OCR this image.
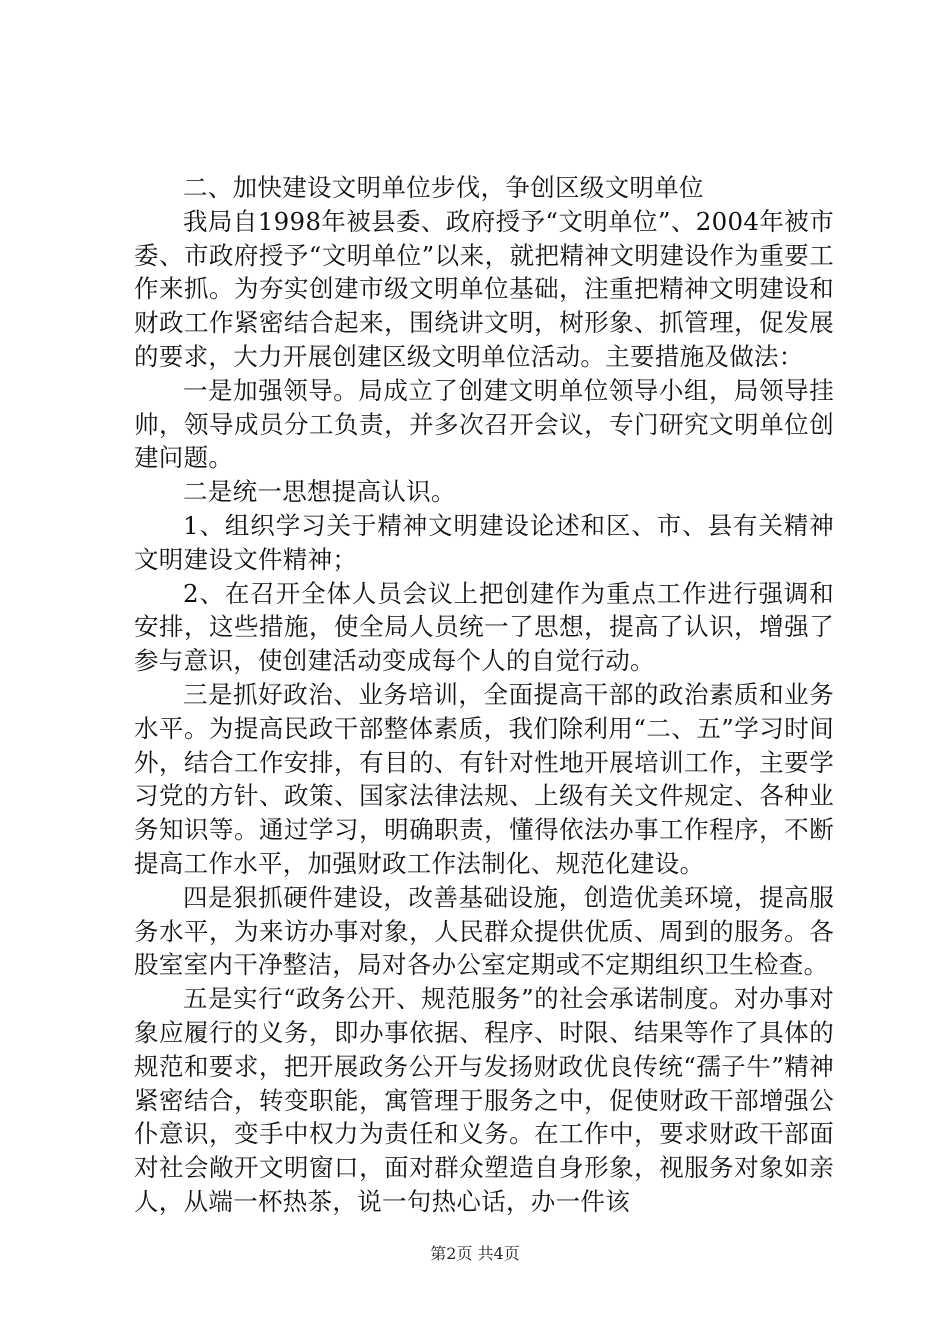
二、加快建设文明单位步伐，争创区级文明单位

我局自1998年被县委、政府授予“文明单位”、2004年被市委、市政府授予“文明单位”以来，就把精神文明建设作为重要工作来抓。为夯实创建市级文明单位基础，注重把精神文明建设和财政工作紧密结合起来，围绕讲文明，树形象、抓管理，促发展的要求，大力开展创建区级文明单位活动。主要措施及做法：

一是加强领导。局成立了创建文明单位领导小组，局领导挂帅，领导成员分工负责，并多次召开会议，专门研究文明单位创建问题。

二是统一思想提高认识。

1、组织学习关于精神文明建设论述和区、市、县有关精神文明建设文件精神；

2、在召开全体人员会议上把创建作为重点工作进行强调和安排，这些措施，使全局人员统一了思想，提高了认识，增强了参与意识，使创建活动变成每个人的自觉行动。

三是抓好政治、业务培训，全面提高干部的政治素质和业务水平。为提高民政干部整体素质，我们除利用“二、五”学习时间外，结合工作安排，有目的、有针对性地开展培训工作，主要学习党的方针、政策、国家法律法规、上级有关文件规定、各种业务知识等。通过学习，明确职责，懂得依法办事工作程序，不断提高工作水平，加强财政工作法制化、规范化建设。

四是狠抓硬件建设，改善基础设施，创造优美环境，提高服务水平，为来访办事对象，人民群众提供优质、周到的服务。各股室室内干净整洁，局对各办公室定期或不定期组织卫生检查。

五是实行“政务公开、规范服务”的社会承诺制度。对办事对象应履行的义务，即办事依据、程序、时限、结果等作了具体的规范和要求，把开展政务公开与发扬财政优良传统“孺子牛”精神紧密结合，转变职能，寓管理于服务之中，促使财政干部增强公仆意识，变手中权力为责任和义务。在工作中，要求财政干部面对社会敞开文明窗口，面对群众塑造自身形象，视服务对象如亲人，从端一杯热茶，说一句热心话，办一件该

第2页 共4页
